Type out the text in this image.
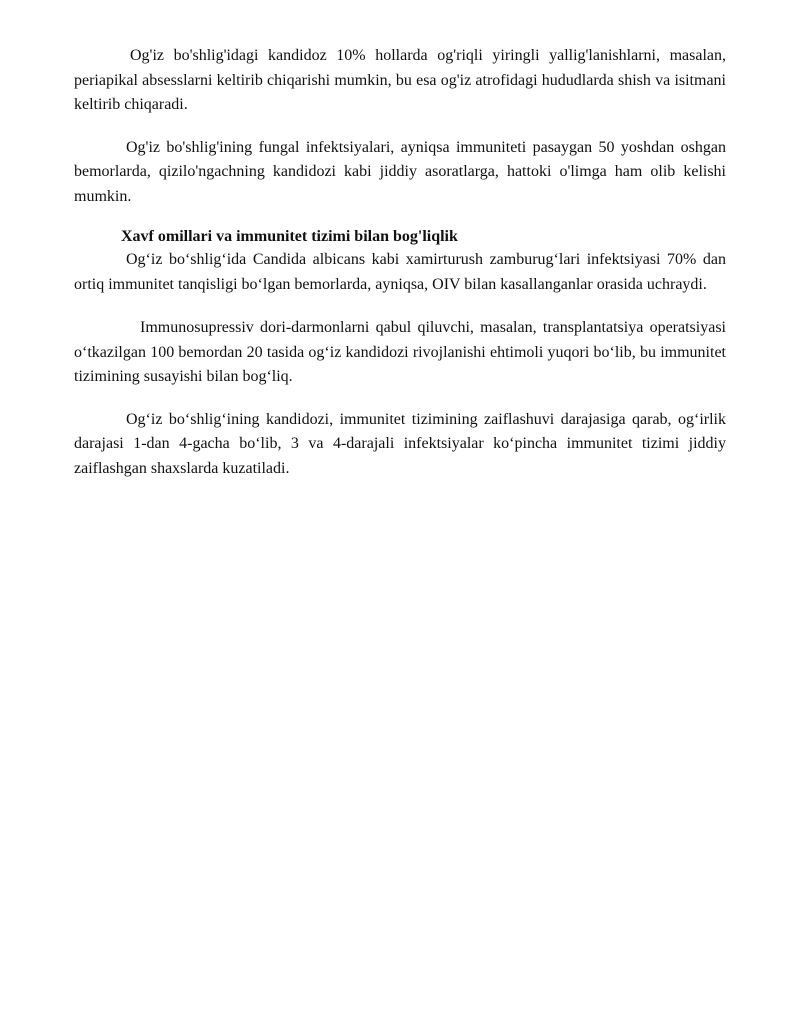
Og'iz bo'shlig'idagi kandidoz 10% hollarda og'riqli yiringli yallig'lanishlarni, masalan, periapikal absesslarni keltirib chiqarishi mumkin, bu esa og'iz atrofidagi hududlarda shish va isitmani keltirib chiqaradi.

Og'iz bo'shlig'ining fungal infektsiyalari, ayniqsa immuniteti pasaygan 50 yoshdan oshgan bemorlarda, qizilo'ngachning kandidozi kabi jiddiy asoratlarga, hattoki o'limga ham olib kelishi mumkin.

Xavf omillari va immunitet tizimi bilan bog'liqlik

Og‘iz bo‘shlig‘ida Candida albicans kabi xamirturush zamburug‘lari infektsiyasi 70% dan ortiq immunitet tanqisligi bo‘lgan bemorlarda, ayniqsa, OIV bilan kasallanganlar orasida uchraydi.

Immunosupressiv dori-darmonlarni qabul qiluvchi, masalan, transplantatsiya operatsiyasi o‘tkazilgan 100 bemordan 20 tasida og‘iz kandidozi rivojlanishi ehtimoli yuqori bo‘lib, bu immunitet tizimining susayishi bilan bog‘liq.

Og‘iz bo‘shlig‘ining kandidozi, immunitet tizimining zaiflashuvi darajasiga qarab, og‘irlik darajasi 1-dan 4-gacha bo‘lib, 3 va 4-darajali infektsiyalar ko‘pincha immunitet tizimi jiddiy zaiflashgan shaxslarda kuzatiladi.
